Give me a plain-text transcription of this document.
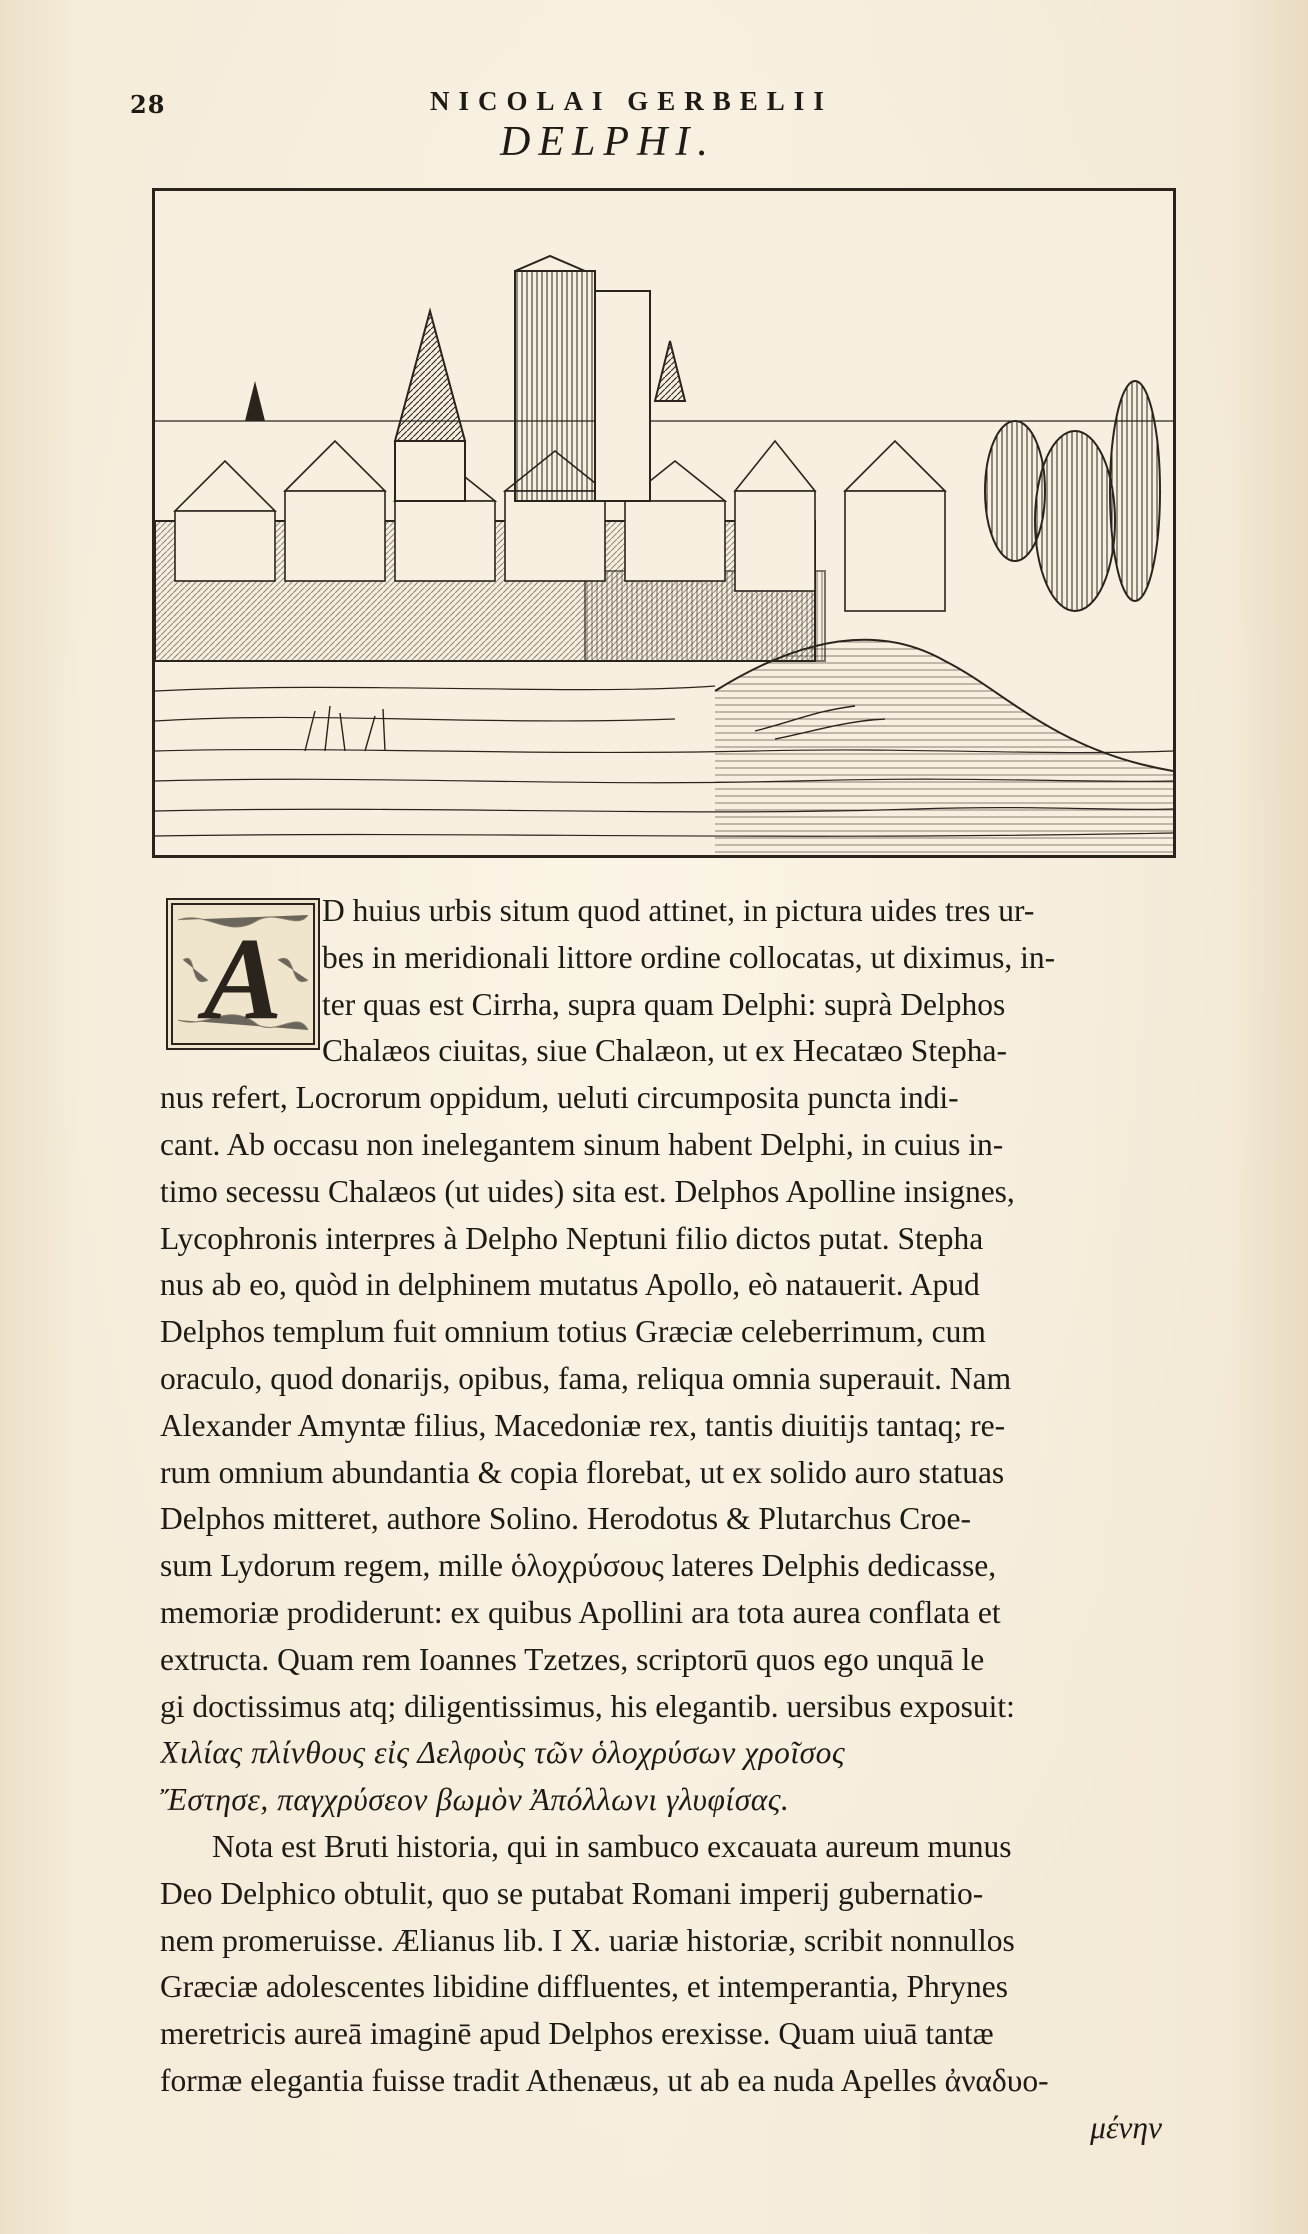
28	NICOLAI GERBELII
DELPHI.
A
D huius urbis situm quod attinet, in pictura uides tres ur-
bes in meridionali littore ordine collocatas, ut diximus, in-
ter quas est Cirrha, supra quam Delphi: suprà Delphos
Chalæos ciuitas, siue Chalæon, ut ex Hecatæo Stepha-
nus refert, Locrorum oppidum, ueluti circumposita puncta indi-
cant. Ab occasu non inelegantem sinum habent Delphi, in cuius in-
timo secessu Chalæos (ut uides) sita est. Delphos Apolline insignes,
Lycophronis interpres à Delpho Neptuni filio dictos putat. Stepha
nus ab eo, quòd in delphinem mutatus Apollo, eò natauerit. Apud
Delphos templum fuit omnium totius Græciæ celeberrimum, cum
oraculo, quod donarijs, opibus, fama, reliqua omnia superauit. Nam
Alexander Amyntæ filius, Macedoniæ rex, tantis diuitijs tantaq; re-
rum omnium abundantia & copia florebat, ut ex solido auro statuas
Delphos mitteret, authore Solino. Herodotus & Plutarchus Croe-
sum Lydorum regem, mille ὁλοχρύσους lateres Delphis dedicasse,
memoriæ prodiderunt: ex quibus Apollini ara tota aurea conflata et
extructa. Quam rem Ioannes Tzetzes, scriptorū quos ego unquā le
gi doctissimus atq; diligentissimus, his elegantib. uersibus exposuit:
Χιλίας πλίνθους εἰς Δελφοὺς τῶν ὁλοχρύσων χροῖσος
Ἔστησε, παγχρύσεον βωμὸν Ἀπόλλωνι γλυφίσας.
Nota est Bruti historia, qui in sambuco excauata aureum munus
Deo Delphico obtulit, quo se putabat Romani imperij gubernatio-
nem promeruisse. Ælianus lib. I X. uariæ historiæ, scribit nonnullos
Græciæ adolescentes libidine diffluentes, et intemperantia, Phrynes
meretricis aureā imaginē apud Delphos erexisse. Quam uiuā tantæ
formæ elegantia fuisse tradit Athenæus, ut ab ea nuda Apelles ἀναδυο-
μένην
